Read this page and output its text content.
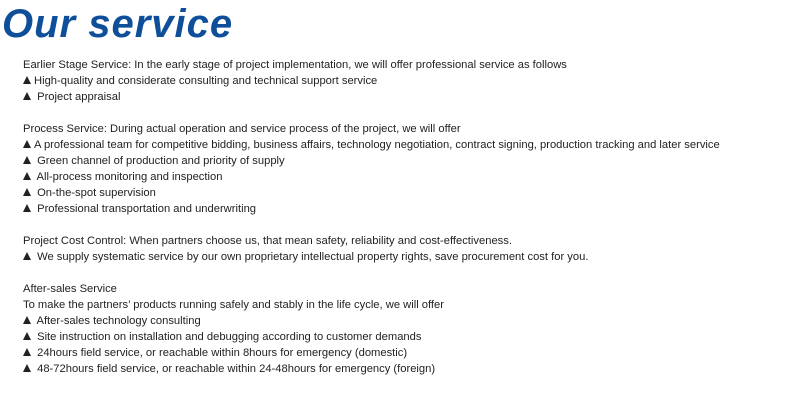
Our service
Earlier Stage Service: In the early stage of project implementation, we will offer professional service as follows
High-quality and considerate consulting and technical support service
Project appraisal
Process Service: During actual operation and service process of the project, we will offer
A professional team for competitive bidding, business affairs, technology negotiation, contract signing, production tracking and later service
Green channel of production and priority of supply
All-process monitoring and inspection
On-the-spot supervision
Professional transportation and underwriting
Project Cost Control: When partners choose us, that mean safety, reliability and cost-effectiveness.
We supply systematic service by our own proprietary intellectual property rights, save procurement cost for you.
After-sales Service
To make the partners’ products running safely and stably in the life cycle, we will offer
After-sales technology consulting
Site instruction on installation and debugging according to customer demands
24hours field service, or reachable within 8hours for emergency (domestic)
48-72hours field service, or reachable within 24-48hours for emergency (foreign)
